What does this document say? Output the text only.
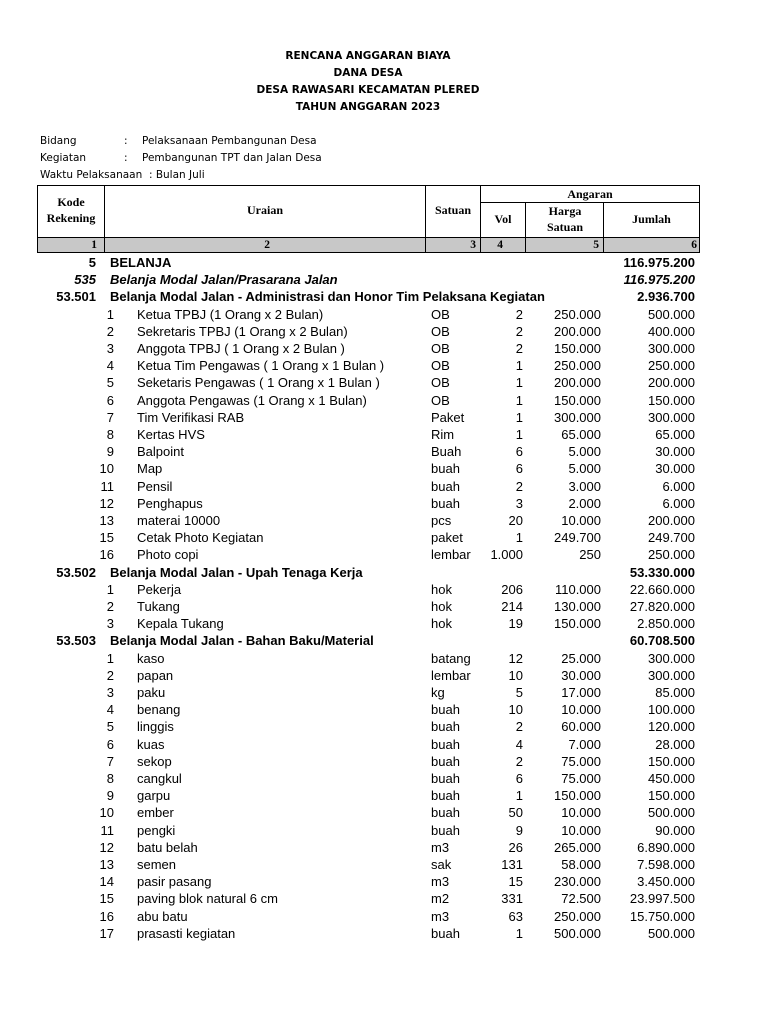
RENCANA ANGGARAN BIAYA
DANA DESA
DESA RAWASARI KECAMATAN PLERED
TAHUN ANGGARAN 2023
Bidang	: Pelaksanaan Pembangunan Desa
Kegiatan	: Pembangunan TPT dan Jalan Desa
Waktu Pelaksanaan  : Bulan Juli
Kode Rekening
Uraian	Satuan
Angaran
Vol
Harga Satuan
Jumlah
1	2	3	4	5	6
5 BELANJA	116.975.200
535 Belanja Modal Jalan/Prasarana Jalan	116.975.200
53.501 Belanja Modal Jalan - Administrasi dan Honor Tim Pelaksana Kegiatan	2.936.700
1 Ketua TPBJ (1 Orang x 2 Bulan)	OB	2 250.000	500.000
2 Sekretaris TPBJ (1 Orang x 2 Bulan)	OB	2 200.000	400.000
3 Anggota TPBJ ( 1 Orang x 2 Bulan )	OB	2 150.000	300.000
4 Ketua Tim Pengawas ( 1 Orang x 1 Bulan )	OB	1 250.000	250.000
5 Seketaris Pengawas ( 1 Orang x 1 Bulan )	OB	1 200.000	200.000
6 Anggota Pengawas (1 Orang x 1 Bulan)	OB	1 150.000	150.000
7 Tim Verifikasi RAB	Paket	1 300.000	300.000
8 Kertas HVS	Rim	1	65.000	65.000
9 Balpoint	Buah	6	5.000	30.000
10 Map	buah	6	5.000	30.000
11 Pensil	buah	2	3.000	6.000
12 Penghapus	buah	3	2.000	6.000
13 materai 10000	pcs	20	10.000	200.000
15 Cetak Photo Kegiatan	paket	1 249.700	249.700
16 Photo copi	lembar 1.000	250	250.000
53.502 Belanja Modal Jalan - Upah Tenaga Kerja	53.330.000
1 Pekerja	hok	206 110.000 22.660.000
2 Tukang	hok	214 130.000 27.820.000
3 Kepala Tukang	hok	19 150.000	2.850.000
53.503 Belanja Modal Jalan - Bahan Baku/Material	60.708.500
1 kaso	batang	12	25.000	300.000
2 papan	lembar	10	30.000	300.000
3 paku	kg	5	17.000	85.000
4 benang	buah	10	10.000	100.000
5 linggis	buah	2	60.000	120.000
6 kuas	buah	4	7.000	28.000
7 sekop	buah	2	75.000	150.000
8 cangkul	buah	6	75.000	450.000
9 garpu	buah	1 150.000	150.000
10 ember	buah	50	10.000	500.000
11 pengki	buah	9	10.000	90.000
12 batu belah	m3	26 265.000	6.890.000
13 semen	sak	131	58.000	7.598.000
14 pasir pasang	m3	15 230.000	3.450.000
15 paving blok natural 6 cm	m2	331	72.500 23.997.500
16 abu batu	m3	63 250.000 15.750.000
17 prasasti kegiatan	buah	1 500.000	500.000
